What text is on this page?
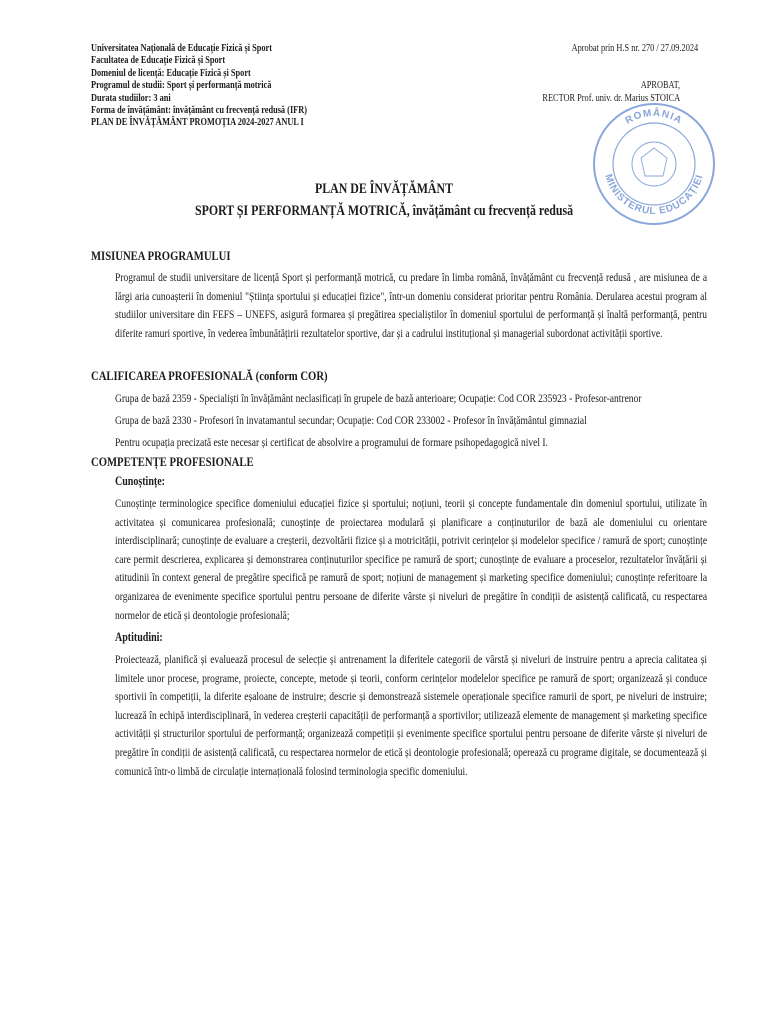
Universitatea Națională de Educație Fizică și Sport
Facultatea de Educație Fizică și Sport
Domeniul de licență: Educație Fizică și Sport
Programul de studii: Sport și performanță motrică
Durata studiilor: 3 ani
Forma de învățământ: învățământ cu frecvență redusă (IFR)
PLAN DE ÎNVĂȚĂMÂNT PROMOȚIA 2024-2027 ANUL I
Aprobat prin H.S nr. 270 / 27.09.2024
APROBAT,
RECTOR Prof. univ. dr. Marius STOICA
ROMÂNIA
MINISTERUL EDUCAȚIEI
PLAN DE ÎNVĂȚĂMÂNT
SPORT ȘI PERFORMANȚĂ MOTRICĂ, învățământ cu frecvență redusă
MISIUNEA PROGRAMULUI
Programul de studii universitare de licență Sport și performanță motrică, cu predare în limba română, învățământ cu frecvență redusă , are misiunea de a lărgi aria cunoașterii în domeniul "Știința sportului și educației fizice", într-un domeniu considerat prioritar pentru România. Derularea acestui program al studiilor universitare din FEFS – UNEFS, asigură formarea și pregătirea specialiștilor în domeniul sportului de performanță și înaltă performanță, pentru diferite ramuri sportive, în vederea îmbunătățirii rezultatelor sportive, dar și a cadrului instituțional și managerial subordonat activității sportive.
CALIFICAREA PROFESIONALĂ (conform COR)
Grupa de bază 2359 - Specialiști în învățământ neclasificați în grupele de bază anterioare; Ocupație: Cod COR 235923 - Profesor-antrenor
Grupa de bază 2330 - Profesori în invatamantul secundar; Ocupație: Cod COR 233002 - Profesor în învățământul gimnazial
Pentru ocupația precizată este necesar și certificat de absolvire a programului de formare psihopedagogică nivel I.
COMPETENȚE PROFESIONALE
Cunoștințe:
Cunoștințe terminologice specifice domeniului educației fizice și sportului; noțiuni, teorii și concepte fundamentale din domeniul sportului, utilizate în activitatea și comunicarea profesională; cunoștințe de proiectarea modulară și planificare a conținuturilor de bază ale domeniului cu orientare interdisciplinară; cunoștințe de evaluare a creșterii, dezvoltării fizice și a motricității, potrivit cerințelor și modelelor specifice / ramură de sport; cunoștințe care permit descrierea, explicarea și demonstrarea conținuturilor specifice pe ramură de sport; cunoștințe de evaluare a proceselor, rezultatelor învățării și atitudinii în context general de pregătire specifică pe ramură de sport; noțiuni de management și marketing specifice domeniului; cunoștințe referitoare la organizarea de evenimente specifice sportului pentru persoane de diferite vârste și niveluri de pregătire în condiții de asistență calificată, cu respectarea normelor de etică și deontologie profesională;
Aptitudini:
Proiectează, planifică și evaluează procesul de selecție și antrenament la diferitele categorii de vârstă și niveluri de instruire pentru a aprecia calitatea și limitele unor procese, programe, proiecte, concepte, metode și teorii, conform cerințelor modelelor specifice pe ramură de sport; organizează și conduce sportivii în competiții, la diferite eșaloane de instruire; descrie și demonstrează sistemele operaționale specifice ramurii de sport, pe niveluri de instruire; lucrează în echipă interdisciplinară, în vederea creșterii capacității de performanță a sportivilor; utilizează elemente de management și marketing specifice activității și structurilor sportului de performanță; organizează competiții și evenimente specifice sportului pentru persoane de diferite vârste și niveluri de pregătire în condiții de asistență calificată, cu respectarea normelor de etică și deontologie profesională; operează cu programe digitale, se documentează și comunică într-o limbă de circulație internațională folosind terminologia specific domeniului.
